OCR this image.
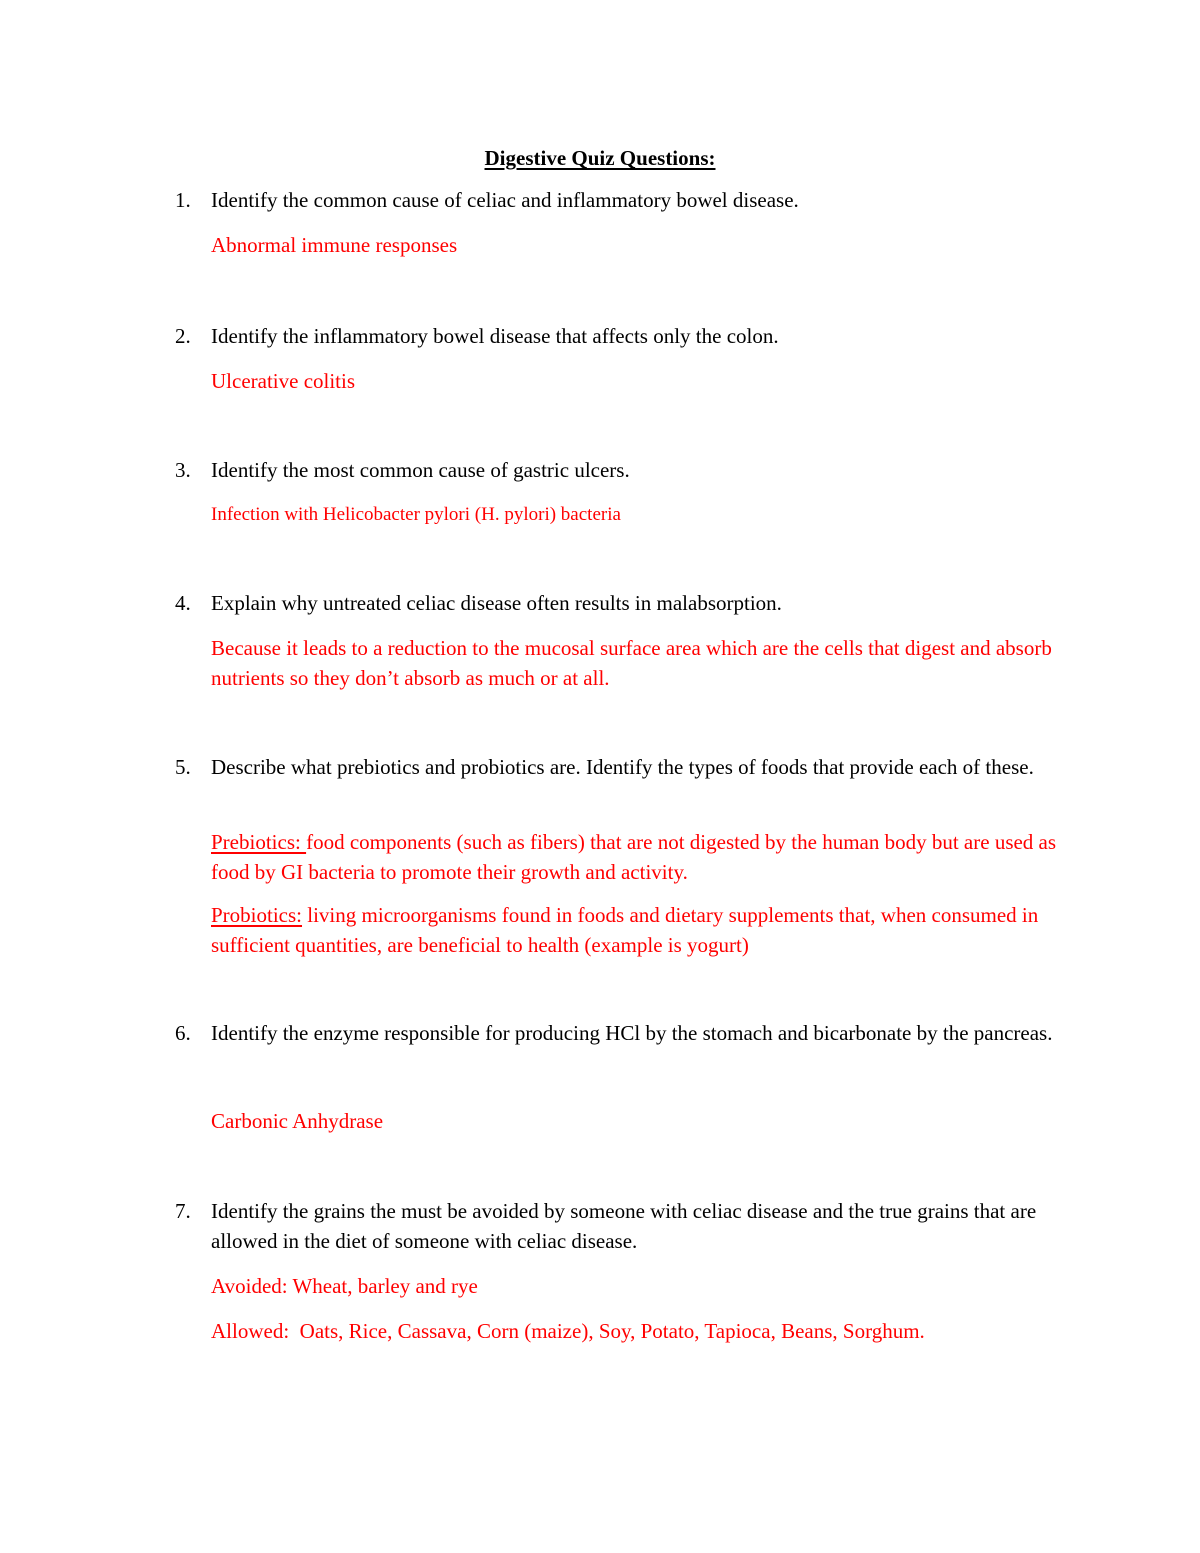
Digestive Quiz Questions:
1. Identify the common cause of celiac and inflammatory bowel disease.
Abnormal immune responses
2. Identify the inflammatory bowel disease that affects only the colon.
Ulcerative colitis
3. Identify the most common cause of gastric ulcers.
Infection with Helicobacter pylori (H. pylori) bacteria
4. Explain why untreated celiac disease often results in malabsorption.
Because it leads to a reduction to the mucosal surface area which are the cells that digest and absorb nutrients so they don’t absorb as much or at all.
5. Describe what prebiotics and probiotics are. Identify the types of foods that provide each of these.
Prebiotics: food components (such as fibers) that are not digested by the human body but are used as food by GI bacteria to promote their growth and activity.
Probiotics: living microorganisms found in foods and dietary supplements that, when consumed in sufficient quantities, are beneficial to health (example is yogurt)
6. Identify the enzyme responsible for producing HCl by the stomach and bicarbonate by the pancreas.
Carbonic Anhydrase
7. Identify the grains the must be avoided by someone with celiac disease and the true grains that are allowed in the diet of someone with celiac disease.
Avoided: Wheat, barley and rye
Allowed:  Oats, Rice, Cassava, Corn (maize), Soy, Potato, Tapioca, Beans, Sorghum.
